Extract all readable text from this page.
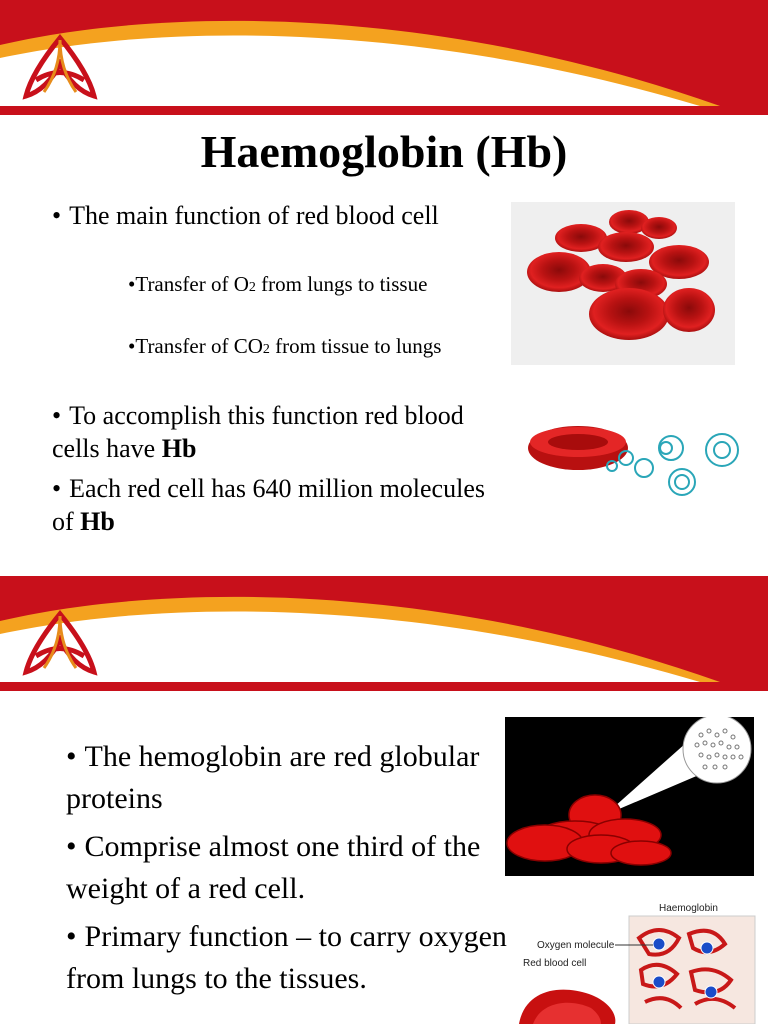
Haemoglobin (Hb)
• The main function of red blood cell
•Transfer of O2 from lungs to tissue
•Transfer of CO2 from tissue to lungs
• To accomplish this function red blood cells have Hb
• Each red cell has 640 million molecules of Hb
• The hemoglobin are red globular proteins
• Comprise almost one third of the weight of a red cell.
• Primary function – to carry oxygen from lungs to the tissues.
Haemoglobin
Oxygen molecule
Red blood cell
